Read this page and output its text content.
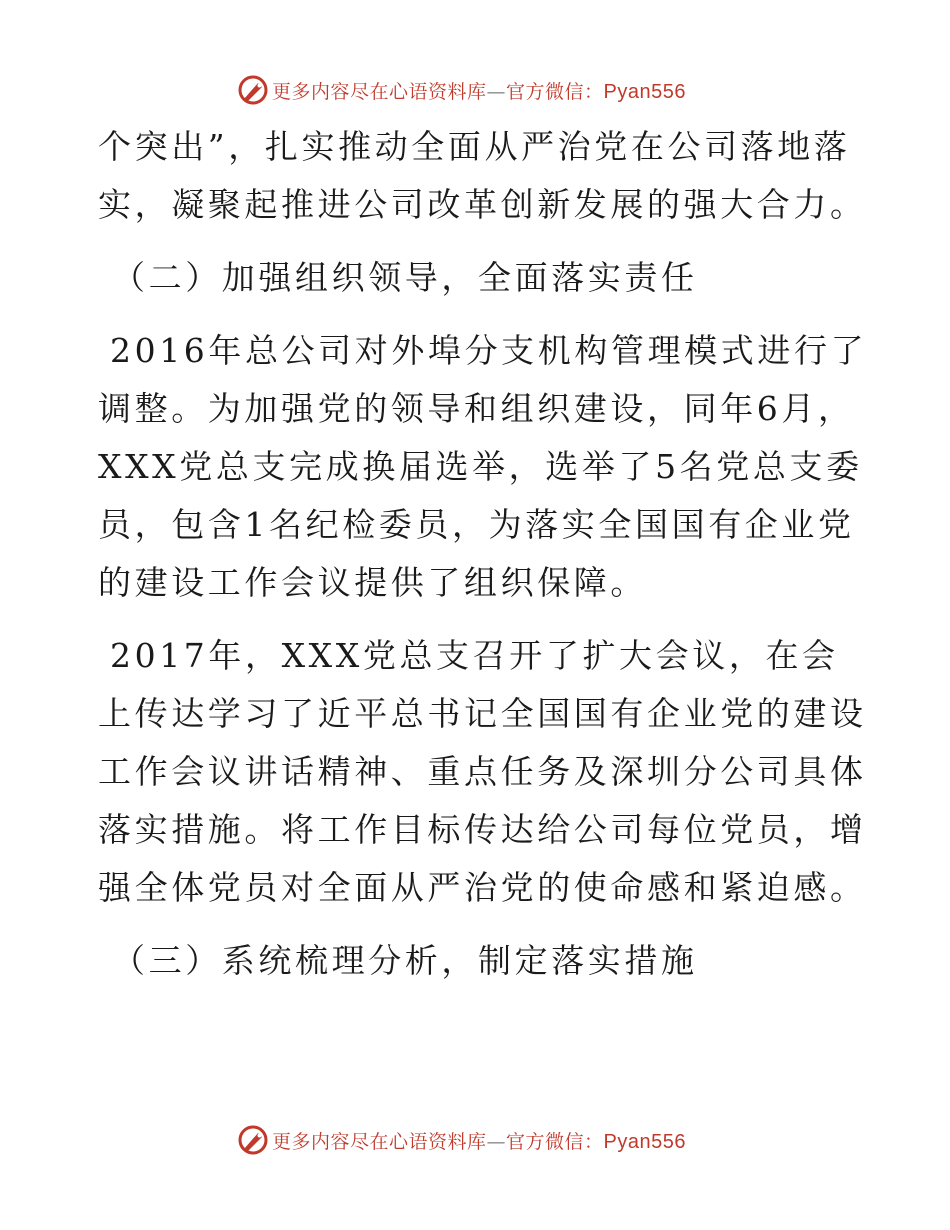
更多内容尽在心语资料库—官方微信：Pyan556

个突出”，扎实推动全面从严治党在公司落地落实，凝聚起推进公司改革创新发展的强大合力。

（二）加强组织领导，全面落实责任

2016年总公司对外埠分支机构管理模式进行了调整。为加强党的领导和组织建设，同年6月，XXX党总支完成换届选举，选举了5名党总支委员，包含1名纪检委员，为落实全国国有企业党的建设工作会议提供了组织保障。

2017年，XXX党总支召开了扩大会议，在会上传达学习了近平总书记全国国有企业党的建设工作会议讲话精神、重点任务及深圳分公司具体落实措施。将工作目标传达给公司每位党员，增强全体党员对全面从严治党的使命感和紧迫感。

（三）系统梳理分析，制定落实措施

更多内容尽在心语资料库—官方微信：Pyan556
